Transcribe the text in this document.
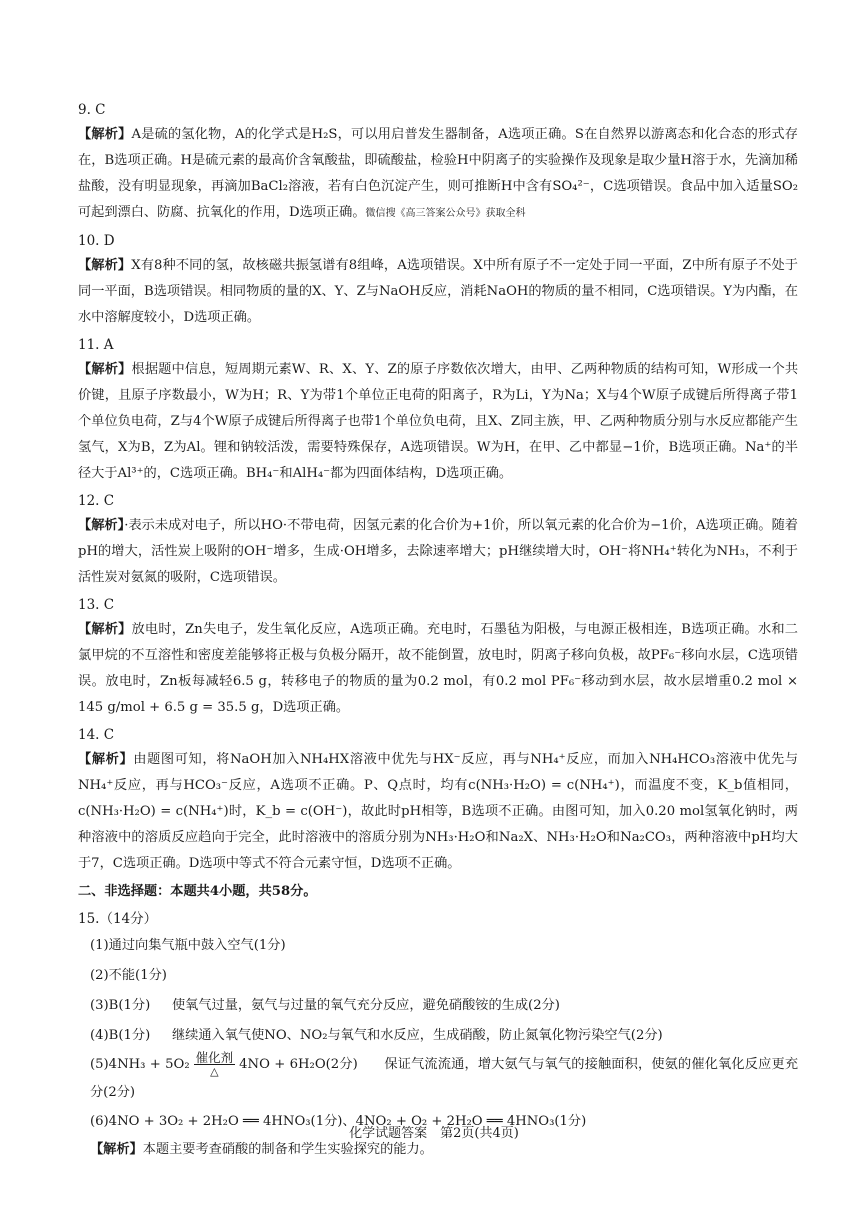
9. C
【解析】A是硫的氢化物，A的化学式是H₂S，可以用启普发生器制备，A选项正确。S在自然界以游离态和化合态的形式存在，B选项正确。H是硫元素的最高价含氧酸盐，即硫酸盐，检验H中阴离子的实验操作及现象是取少量H溶于水，先滴加稀盐酸，没有明显现象，再滴加BaCl₂溶液，若有白色沉淀产生，则可推断H中含有SO₄²⁻，C选项错误。食品中加入适量SO₂可起到漂白、防腐、抗氧化的作用，D选项正确。微信搜《高三答案公众号》获取全科
10. D
【解析】X有8种不同的氢，故核磁共振氢谱有8组峰，A选项错误。X中所有原子不一定处于同一平面，Z中所有原子不处于同一平面，B选项错误。相同物质的量的X、Y、Z与NaOH反应，消耗NaOH的物质的量不相同，C选项错误。Y为内酯，在水中溶解度较小，D选项正确。
11. A
【解析】根据题中信息，短周期元素W、R、X、Y、Z的原子序数依次增大，由甲、乙两种物质的结构可知，W形成一个共价键，且原子序数最小，W为H；R、Y为带1个单位正电荷的阳离子，R为Li，Y为Na；X与4个W原子成键后所得离子带1个单位负电荷，Z与4个W原子成键后所得离子也带1个单位负电荷，且X、Z同主族，甲、乙两种物质分别与水反应都能产生氢气，X为B，Z为Al。锂和钠较活泼，需要特殊保存，A选项错误。W为H，在甲、乙中都显−1价，B选项正确。Na⁺的半径大于Al³⁺的，C选项正确。BH₄⁻和AlH₄⁻都为四面体结构，D选项正确。
12. C
【解析】·表示未成对电子，所以HO·不带电荷，因氢元素的化合价为+1价，所以氧元素的化合价为−1价，A选项正确。随着pH的增大，活性炭上吸附的OH⁻增多，生成·OH增多，去除速率增大；pH继续增大时，OH⁻将NH₄⁺转化为NH₃，不利于活性炭对氨氮的吸附，C选项错误。
13. C
【解析】放电时，Zn失电子，发生氧化反应，A选项正确。充电时，石墨毡为阳极，与电源正极相连，B选项正确。水和二氯甲烷的不互溶性和密度差能够将正极与负极分隔开，故不能倒置，放电时，阴离子移向负极，故PF₆⁻移向水层，C选项错误。放电时，Zn板每减轻6.5 g，转移电子的物质的量为0.2 mol，有0.2 mol PF₆⁻移动到水层，故水层增重0.2 mol × 145 g/mol + 6.5 g = 35.5 g，D选项正确。
14. C
【解析】由题图可知，将NaOH加入NH₄HX溶液中优先与HX⁻反应，再与NH₄⁺反应，而加入NH₄HCO₃溶液中优先与NH₄⁺反应，再与HCO₃⁻反应，A选项不正确。P、Q点时，均有c(NH₃·H₂O) = c(NH₄⁺)，而温度不变，K_b值相同，c(NH₃·H₂O) = c(NH₄⁺)时，K_b = c(OH⁻)，故此时pH相等，B选项不正确。由图可知，加入0.20 mol氢氧化钠时，两种溶液中的溶质反应趋向于完全，此时溶液中的溶质分别为NH₃·H₂O和Na₂X、NH₃·H₂O和Na₂CO₃，两种溶液中pH均大于7，C选项正确。D选项中等式不符合元素守恒，D选项不正确。
二、非选择题：本题共4小题，共58分。
15.（14分）
(1)通过向集气瓶中鼓入空气(1分)
(2)不能(1分)
(3)B(1分)	使氧气过量，氨气与过量的氧气充分反应，避免硝酸铵的生成(2分)
(4)B(1分)	继续通入氧气使NO、NO₂与氧气和水反应，生成硝酸，防止氮氧化物污染空气(2分)
$(5)4NH_3 + 5O_2 \frac{\text{催化剂}}{\triangle} 4NO + 6H_2O(2$分)   保证气流流通，增大氨气与氧气的接触面积，使氨的催化氧化反应更充分(2分)
(6)4NO + 3O₂ + 2H₂O ══ 4HNO₃(1分)、4NO₂ + O₂ + 2H₂O ══ 4HNO₃(1分)
【解析】本题主要考查硝酸的制备和学生实验探究的能力。
化学试题答案　第2页(共4页)
